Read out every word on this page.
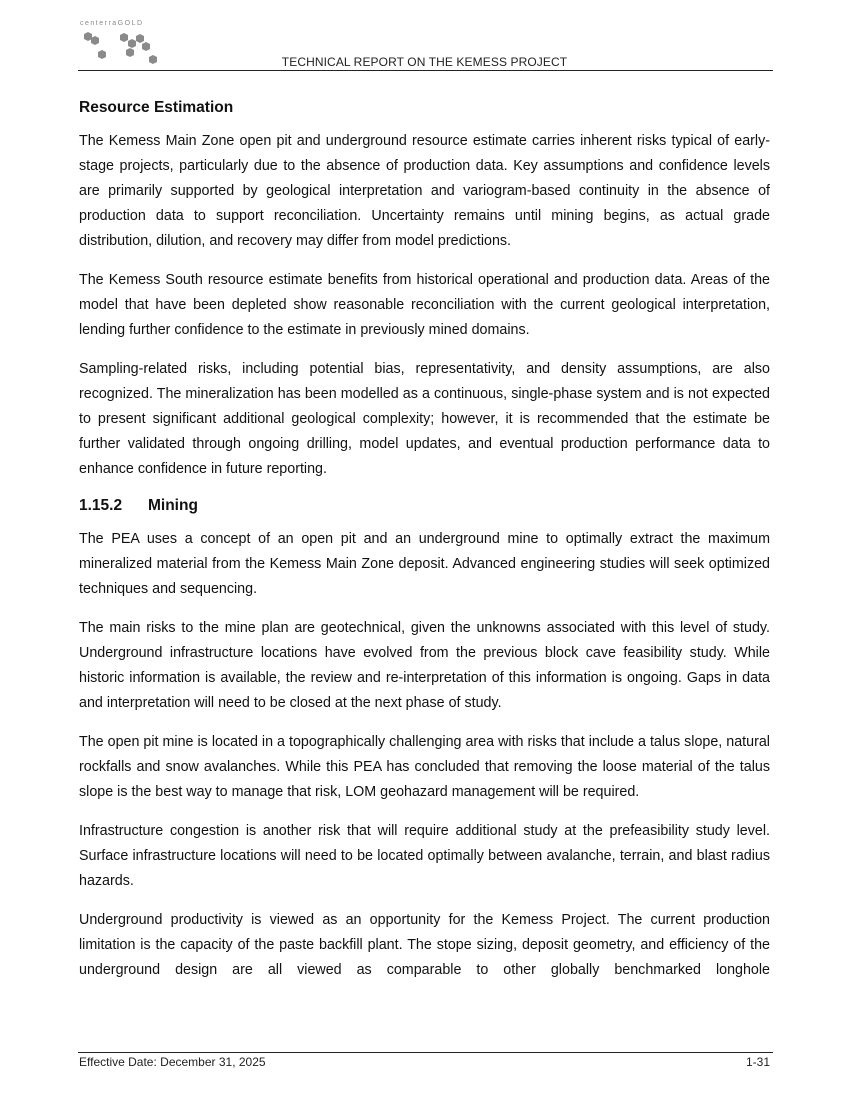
centerraGOLD
TECHNICAL REPORT ON THE KEMESS PROJECT
Resource Estimation

The Kemess Main Zone open pit and underground resource estimate carries inherent risks typical of early-stage projects, particularly due to the absence of production data. Key assumptions and confidence levels are primarily supported by geological interpretation and variogram-based continuity in the absence of production data to support reconciliation. Uncertainty remains until mining begins, as actual grade distribution, dilution, and recovery may differ from model predictions.

The Kemess South resource estimate benefits from historical operational and production data. Areas of the model that have been depleted show reasonable reconciliation with the current geological interpretation, lending further confidence to the estimate in previously mined domains.

Sampling-related risks, including potential bias, representativity, and density assumptions, are also recognized. The mineralization has been modelled as a continuous, single-phase system and is not expected to present significant additional geological complexity; however, it is recommended that the estimate be further validated through ongoing drilling, model updates, and eventual production performance data to enhance confidence in future reporting.

1.15.2 Mining

The PEA uses a concept of an open pit and an underground mine to optimally extract the maximum mineralized material from the Kemess Main Zone deposit. Advanced engineering studies will seek optimized techniques and sequencing.

The main risks to the mine plan are geotechnical, given the unknowns associated with this level of study. Underground infrastructure locations have evolved from the previous block cave feasibility study. While historic information is available, the review and re-interpretation of this information is ongoing. Gaps in data and interpretation will need to be closed at the next phase of study.

The open pit mine is located in a topographically challenging area with risks that include a talus slope, natural rockfalls and snow avalanches. While this PEA has concluded that removing the loose material of the talus slope is the best way to manage that risk, LOM geohazard management will be required.

Infrastructure congestion is another risk that will require additional study at the prefeasibility study level. Surface infrastructure locations will need to be located optimally between avalanche, terrain, and blast radius hazards.

Underground productivity is viewed as an opportunity for the Kemess Project. The current production limitation is the capacity of the paste backfill plant. The stope sizing, deposit geometry, and efficiency of the underground design are all viewed as comparable to other globally benchmarked longhole

Effective Date: December 31, 2025	1-31
